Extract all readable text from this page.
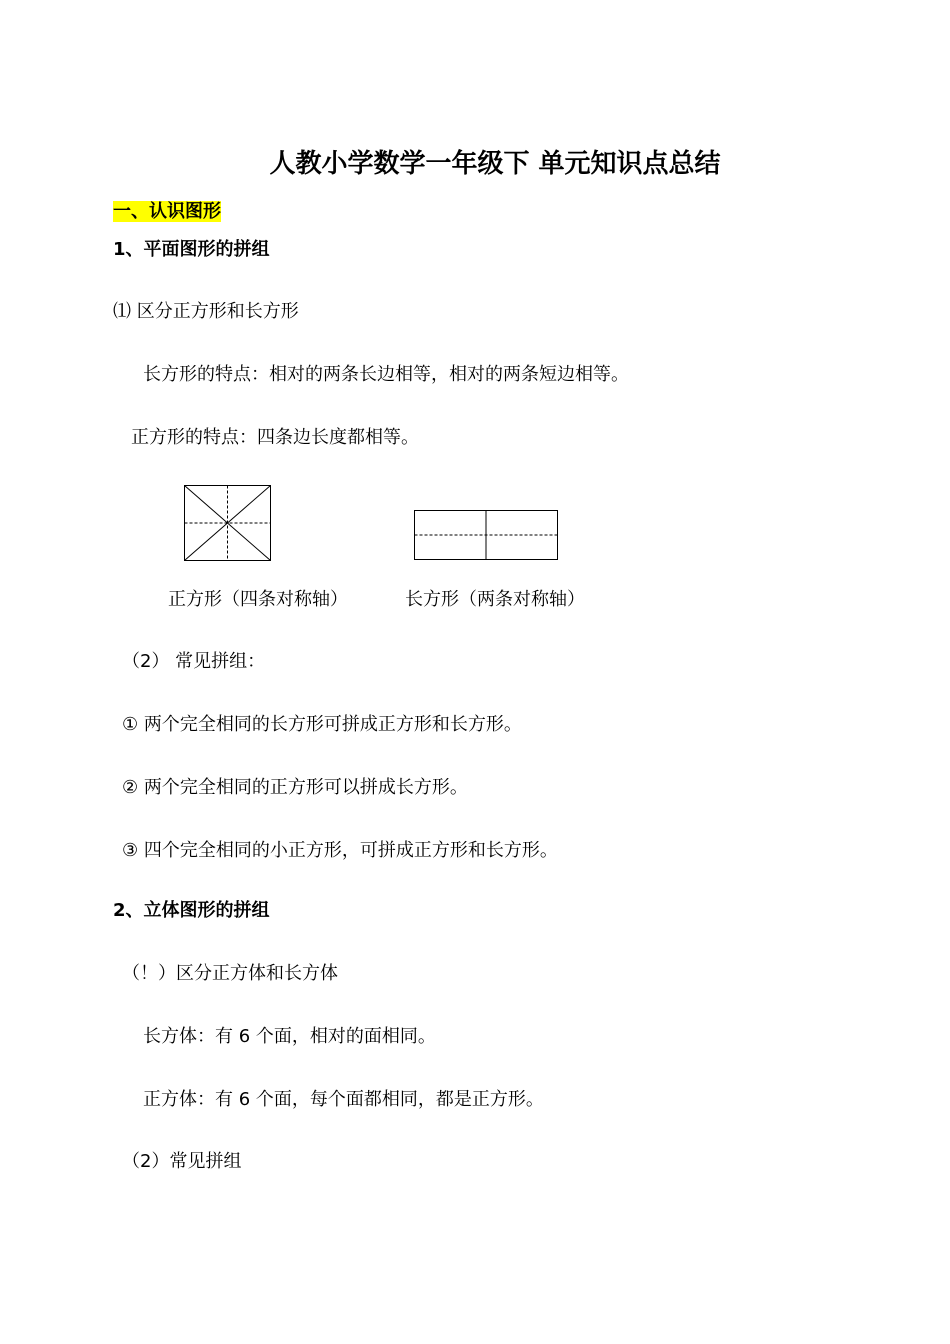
人教小学数学一年级下 单元知识点总结
一、认识图形
1、平面图形的拼组
⑴ 区分正方形和长方形
长方形的特点：相对的两条长边相等，相对的两条短边相等。
正方形的特点：四条边长度都相等。
正方形（四条对称轴）	长方形（两条对称轴）
（2） 常见拼组：
① 两个完全相同的长方形可拼成正方形和长方形。
② 两个完全相同的正方形可以拼成长方形。
③ 四个完全相同的小正方形，可拼成正方形和长方形。
2、立体图形的拼组
（！）区分正方体和长方体
长方体：有 6 个面，相对的面相同。
正方体：有 6 个面，每个面都相同，都是正方形。
（2）常见拼组
